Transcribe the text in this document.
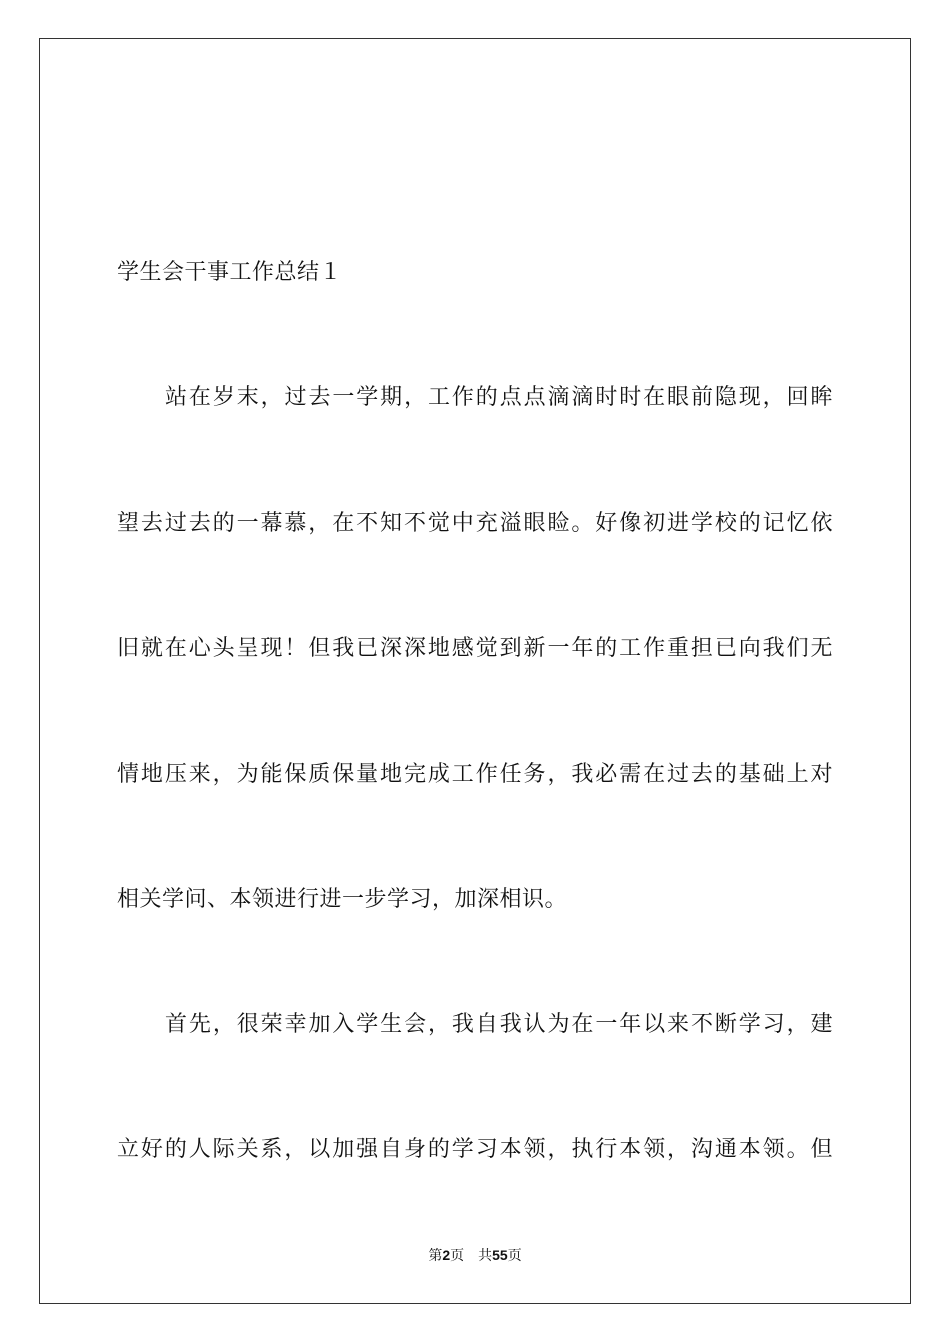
学生会干事工作总结１
站在岁末，过去一学期，工作的点点滴滴时时在眼前隐现，回眸
望去过去的一幕慕，在不知不觉中充溢眼睑。好像初进学校的记忆依
旧就在心头呈现！但我已深深地感觉到新一年的工作重担已向我们无
情地压来，为能保质保量地完成工作任务，我必需在过去的基础上对
相关学问、本领进行进一步学习，加深相识。
首先，很荣幸加入学生会，我自我认为在一年以来不断学习，建
立好的人际关系，以加强自身的学习本领，执行本领，沟通本领。但
第2页 共55页
